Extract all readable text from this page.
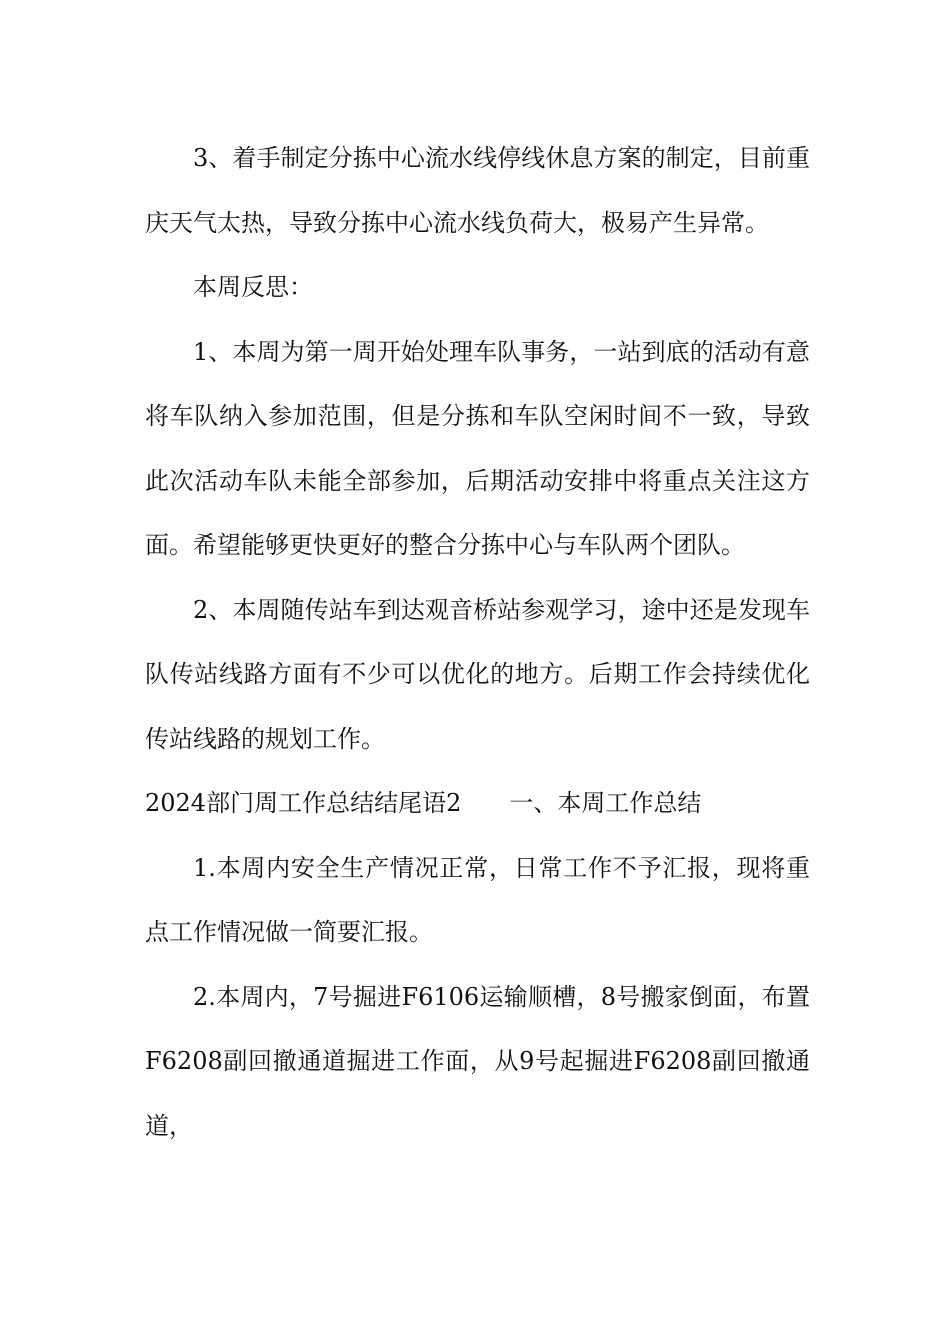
3、着手制定分拣中心流水线停线休息方案的制定，目前重庆天气太热，导致分拣中心流水线负荷大，极易产生异常。

本周反思：

1、本周为第一周开始处理车队事务，一站到底的活动有意将车队纳入参加范围，但是分拣和车队空闲时间不一致，导致此次活动车队未能全部参加，后期活动安排中将重点关注这方面。希望能够更快更好的整合分拣中心与车队两个团队。

2、本周随传站车到达观音桥站参观学习，途中还是发现车队传站线路方面有不少可以优化的地方。后期工作会持续优化传站线路的规划工作。

2024部门周工作总结结尾语2 一、本周工作总结

1.本周内安全生产情况正常，日常工作不予汇报，现将重点工作情况做一简要汇报。

2.本周内，7号掘进F6106运输顺槽，8号搬家倒面，布置F6208副回撤通道掘进工作面，从9号起掘进F6208副回撤通道，
